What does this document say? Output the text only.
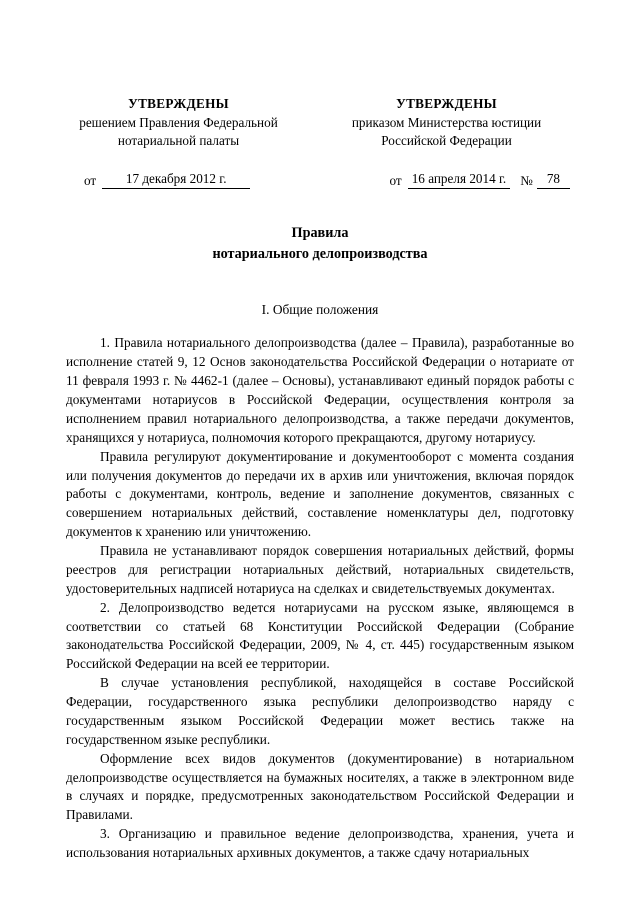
УТВЕРЖДЕНЫ
решением Правления Федеральной
нотариальной палаты
УТВЕРЖДЕНЫ
приказом Министерства юстиции
Российской Федерации
от	17 декабря 2012 г.	от 16 апреля 2014 г.	№	78
Правила
нотариального делопроизводства
I. Общие положения

1. Правила нотариального делопроизводства (далее – Правила), разработанные во исполнение статей 9, 12 Основ законодательства Российской Федерации о нотариате от 11 февраля 1993 г. № 4462-1 (далее – Основы), устанавливают единый порядок работы с документами нотариусов в Российской Федерации, осуществления контроля за исполнением правил нотариального делопроизводства, а также передачи документов, хранящихся у нотариуса, полномочия которого прекращаются, другому нотариусу.

Правила регулируют документирование и документооборот с момента создания или получения документов до передачи их в архив или уничтожения, включая порядок работы с документами, контроль, ведение и заполнение документов, связанных с совершением нотариальных действий, составление номенклатуры дел, подготовку документов к хранению или уничтожению.

Правила не устанавливают порядок совершения нотариальных действий, формы реестров для регистрации нотариальных действий, нотариальных свидетельств, удостоверительных надписей нотариуса на сделках и свидетельствуемых документах.

2. Делопроизводство ведется нотариусами на русском языке, являющемся в соответствии со статьей 68 Конституции Российской Федерации (Собрание законодательства Российской Федерации, 2009, № 4, ст. 445) государственным языком Российской Федерации на всей ее территории.

В случае установления республикой, находящейся в составе Российской Федерации, государственного языка республики делопроизводство наряду с государственным языком Российской Федерации может вестись также на государственном языке республики.

Оформление всех видов документов (документирование) в нотариальном делопроизводстве осуществляется на бумажных носителях, а также в электронном виде в случаях и порядке, предусмотренных законодательством Российской Федерации и Правилами.

3. Организацию и правильное ведение делопроизводства, хранения, учета и использования нотариальных архивных документов, а также сдачу нотариальных
